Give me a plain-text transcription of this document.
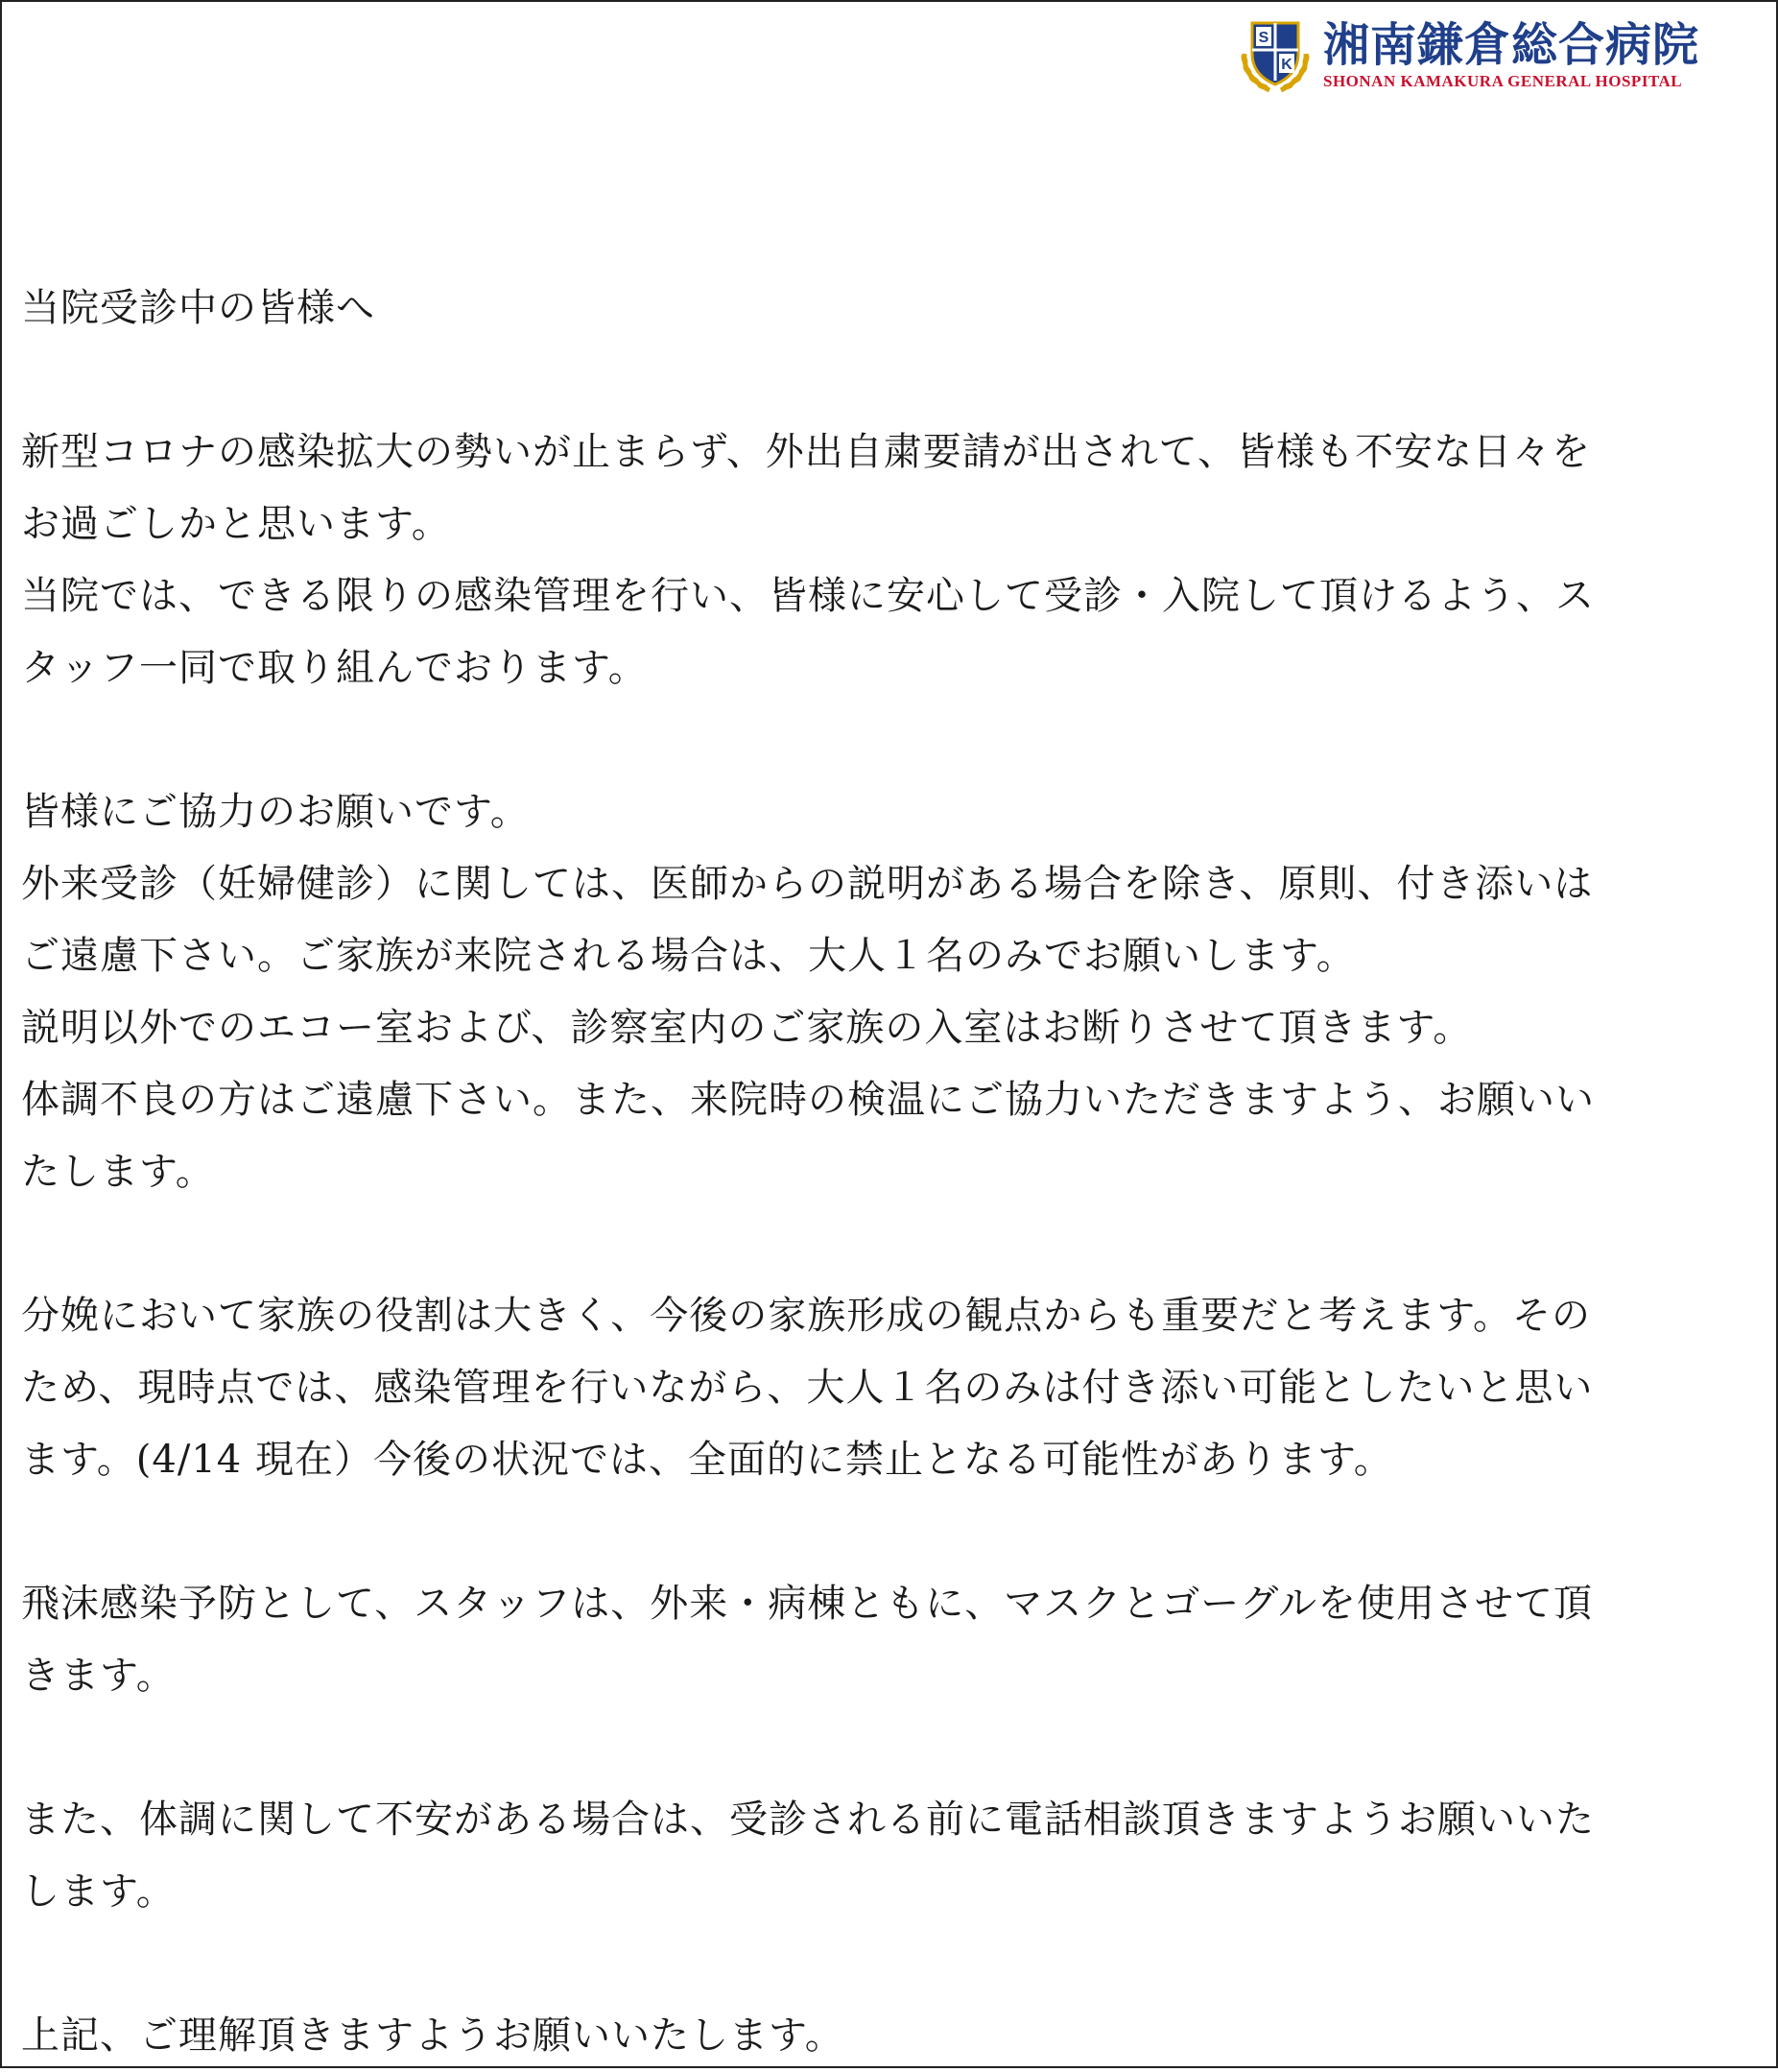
S
K 湘南鎌倉総合病院
SHONAN KAMAKURA GENERAL HOSPITAL

当院受診中の皆様へ

新型コロナの感染拡大の勢いが止まらず、外出自粛要請が出されて、皆様も不安な日々を

お過ごしかと思います。

当院では、できる限りの感染管理を行い、皆様に安心して受診・入院して頂けるよう、ス

タッフ一同で取り組んでおります。

皆様にご協力のお願いです。

外来受診（妊婦健診）に関しては、医師からの説明がある場合を除き、原則、付き添いは

ご遠慮下さい。ご家族が来院される場合は、大人１名のみでお願いします。

説明以外でのエコー室および、診察室内のご家族の入室はお断りさせて頂きます。

体調不良の方はご遠慮下さい。また、来院時の検温にご協力いただきますよう、お願いい

たします。

分娩において家族の役割は大きく、今後の家族形成の観点からも重要だと考えます。その

ため、現時点では、感染管理を行いながら、大人１名のみは付き添い可能としたいと思い

ます。(4/14 現在）今後の状況では、全面的に禁止となる可能性があります。

飛沫感染予防として、スタッフは、外来・病棟ともに、マスクとゴーグルを使用させて頂

きます。

また、体調に関して不安がある場合は、受診される前に電話相談頂きますようお願いいた

します。

上記、ご理解頂きますようお願いいたします。
